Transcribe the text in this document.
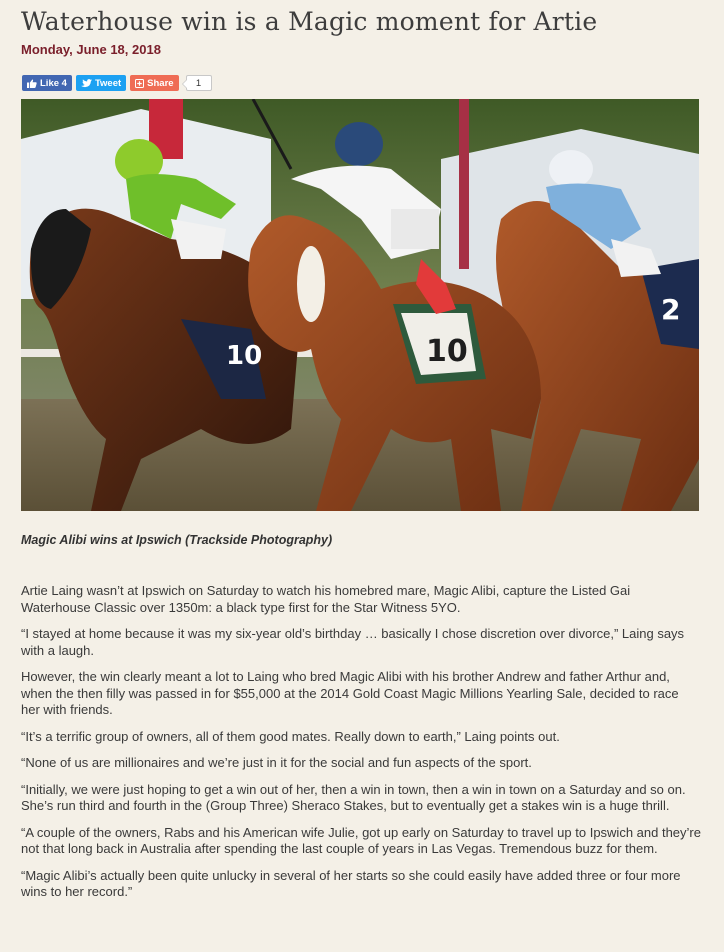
Waterhouse win is a Magic moment for Artie
Monday, June 18, 2018
Like 4	Tweet	Share	1
10
2
10
Magic Alibi wins at Ipswich (Trackside Photography)

Artie Laing wasn’t at Ipswich on Saturday to watch his homebred mare, Magic Alibi, capture the Listed Gai Waterhouse Classic over 1350m: a black type first for the Star Witness 5YO.

“I stayed at home because it was my six-year old’s birthday … basically I chose discretion over divorce,” Laing says with a laugh.

However, the win clearly meant a lot to Laing who bred Magic Alibi with his brother Andrew and father Arthur and, when the then filly was passed in for $55,000 at the 2014 Gold Coast Magic Millions Yearling Sale, decided to race her with friends.

“It’s a terrific group of owners, all of them good mates. Really down to earth,” Laing points out.

“None of us are millionaires and we’re just in it for the social and fun aspects of the sport.

“Initially, we were just hoping to get a win out of her, then a win in town, then a win in town on a Saturday and so on. She’s run third and fourth in the (Group Three) Sheraco Stakes, but to eventually get a stakes win is a huge thrill.

“A couple of the owners, Rabs and his American wife Julie, got up early on Saturday to travel up to Ipswich and they’re not that long back in Australia after spending the last couple of years in Las Vegas. Tremendous buzz for them.

“Magic Alibi’s actually been quite unlucky in several of her starts so she could easily have added three or four more wins to her record.”
